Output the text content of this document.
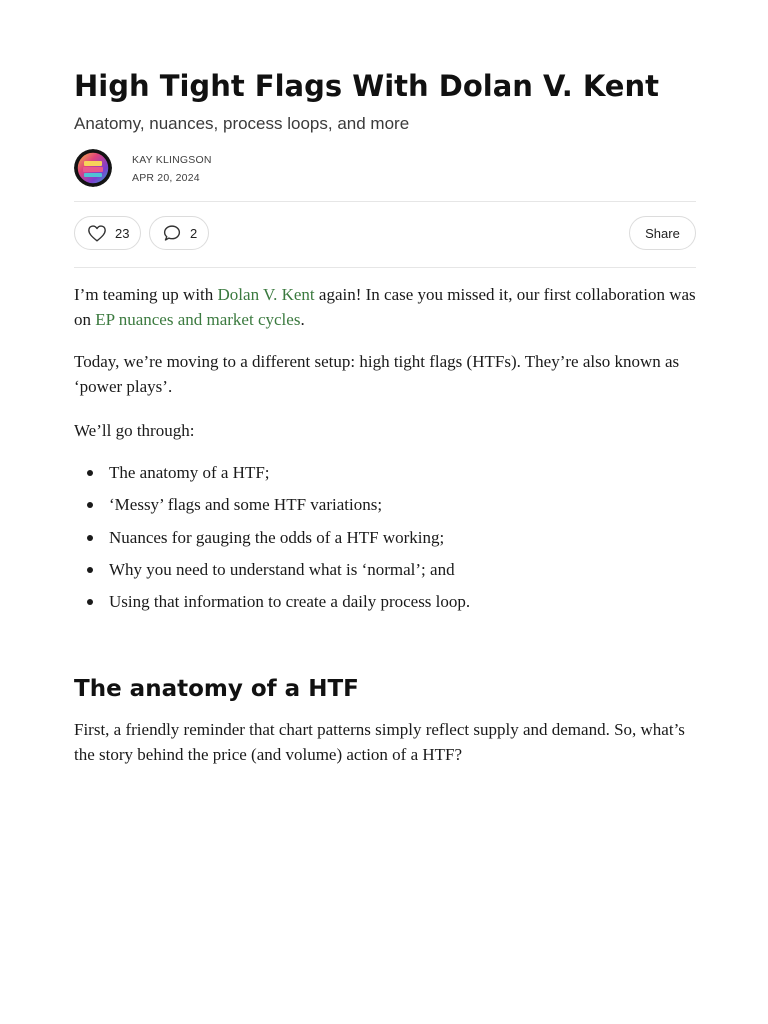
High Tight Flags With Dolan V. Kent

Anatomy, nuances, process loops, and more

KAY KLINGSON
APR 20, 2024
23	2	Share

I’m teaming up with Dolan V. Kent again! In case you missed it, our first collaboration was on EP nuances and market cycles.

Today, we’re moving to a different setup: high tight flags (HTFs). They’re also known as ‘power plays’.

We’ll go through:

The anatomy of a HTF;
‘Messy’ flags and some HTF variations;
Nuances for gauging the odds of a HTF working;
Why you need to understand what is ‘normal’; and
Using that information to create a daily process loop.
The anatomy of a HTF

First, a friendly reminder that chart patterns simply reflect supply and demand. So, what’s the story behind the price (and volume) action of a HTF?
